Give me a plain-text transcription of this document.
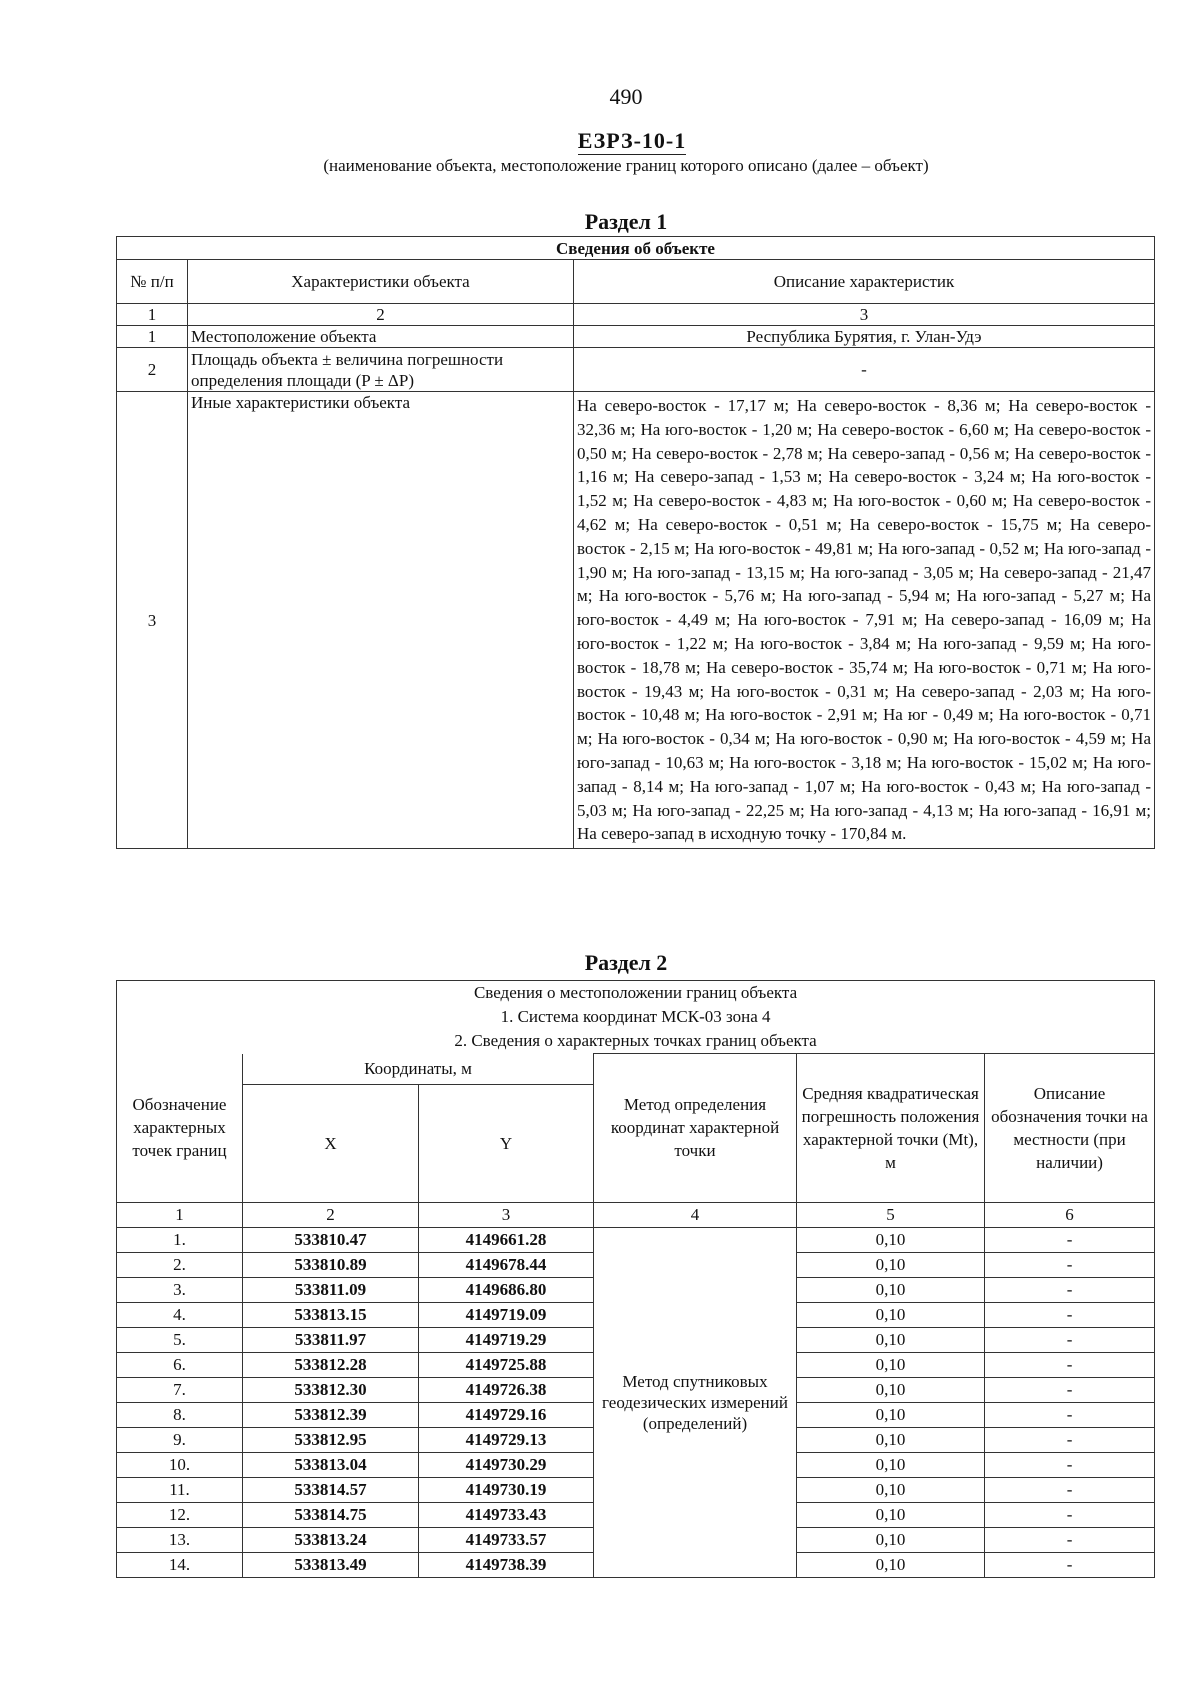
490
ЕЗРЗ-10-1
(наименование объекта, местоположение границ которого описано (далее – объект)
Раздел 1
Сведения об объекте		
№ п/п	Характеристики объекта	Описание характеристик
1	2	3
1	Местоположение объекта	Республика Бурятия, г. Улан-Удэ
2	Площадь объекта ± величина погрешности определения площади (P ± ΔP)	-
3	Иные характеристики объекта	На северо-восток - 17,17 м; На северо-восток - 8,36 м; На северо-восток - 32,36 м; На юго-восток - 1,20 м; На северо-восток - 6,60 м; На северо-восток - 0,50 м; На северо-восток - 2,78 м; На северо-запад - 0,56 м; На северо-восток - 1,16 м; На северо-запад - 1,53 м; На северо-восток - 3,24 м; На юго-восток - 1,52 м; На северо-восток - 4,83 м; На юго-восток - 0,60 м; На северо-восток - 4,62 м; На северо-восток - 0,51 м; На северо-восток - 15,75 м; На северо-восток - 2,15 м; На юго-восток - 49,81 м; На юго-запад - 0,52 м; На юго-запад - 1,90 м; На юго-запад - 13,15 м; На юго-запад - 3,05 м; На северо-запад - 21,47 м; На юго-восток - 5,76 м; На юго-запад - 5,94 м; На юго-запад - 5,27 м; На юго-восток - 4,49 м; На юго-восток - 7,91 м; На северо-запад - 16,09 м; На юго-восток - 1,22 м; На юго-восток - 3,84 м; На юго-запад - 9,59 м; На юго-восток - 18,78 м; На северо-восток - 35,74 м; На юго-восток - 0,71 м; На юго-восток - 19,43 м; На юго-восток - 0,31 м; На северо-запад - 2,03 м; На юго-восток - 10,48 м; На юго-восток - 2,91 м; На юг - 0,49 м; На юго-восток - 0,71 м; На юго-восток - 0,34 м; На юго-восток - 0,90 м; На юго-восток - 4,59 м; На юго-запад - 10,63 м; На юго-восток - 3,18 м; На юго-восток - 15,02 м; На юго-запад - 8,14 м; На юго-запад - 1,07 м; На юго-восток - 0,43 м; На юго-запад - 5,03 м; На юго-запад - 22,25 м; На юго-запад - 4,13 м; На юго-запад - 16,91 м; На северо-запад в исходную точку - 170,84 м.
Раздел 2
Сведения о местоположении границ объекта					
1. Система координат МСК-03 зона 4					
2. Сведения о характерных точках границ объекта					
Обозначение характерных точек границ	Координаты, м		Метод определения координат характерной точки	Средняя квадратическая погрешность положения характерной точки (Mt), м	Описание обозначения точки на местности (при наличии)
	X	Y			
1	2	3	4	5	6
1.	533810.47	4149661.28	Метод спутниковых геодезических измерений (определений)	0,10	-
2.	533810.89	4149678.44		0,10	-
3.	533811.09	4149686.80		0,10	-
4.	533813.15	4149719.09		0,10	-
5.	533811.97	4149719.29		0,10	-
6.	533812.28	4149725.88		0,10	-
7.	533812.30	4149726.38		0,10	-
8.	533812.39	4149729.16		0,10	-
9.	533812.95	4149729.13		0,10	-
10.	533813.04	4149730.29		0,10	-
11.	533814.57	4149730.19		0,10	-
12.	533814.75	4149733.43		0,10	-
13.	533813.24	4149733.57		0,10	-
14.	533813.49	4149738.39		0,10	-
